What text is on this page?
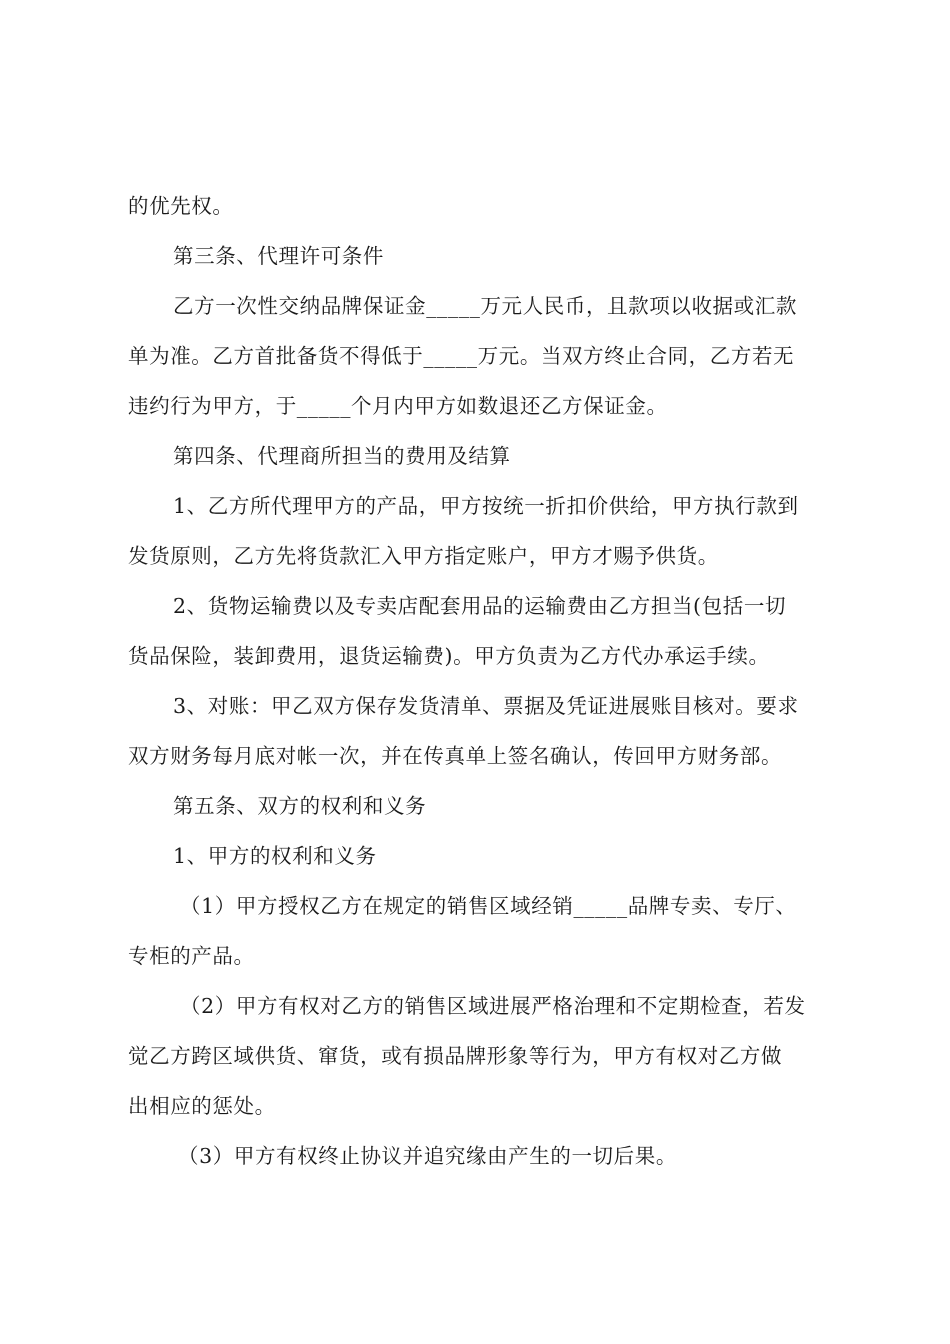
的优先权。
第三条、代理许可条件
乙方一次性交纳品牌保证金_____万元人民币，且款项以收据或汇款
单为准。乙方首批备货不得低于_____万元。当双方终止合同，乙方若无
违约行为甲方，于_____个月内甲方如数退还乙方保证金。
第四条、代理商所担当的费用及结算
1、乙方所代理甲方的产品，甲方按统一折扣价供给，甲方执行款到
发货原则，乙方先将货款汇入甲方指定账户，甲方才赐予供货。
2、货物运输费以及专卖店配套用品的运输费由乙方担当(包括一切
货品保险，装卸费用，退货运输费)。甲方负责为乙方代办承运手续。
3、对账：甲乙双方保存发货清单、票据及凭证进展账目核对。要求
双方财务每月底对帐一次，并在传真单上签名确认，传回甲方财务部。
第五条、双方的权利和义务
1、甲方的权利和义务
（1）甲方授权乙方在规定的销售区域经销_____品牌专卖、专厅、
专柜的产品。
（2）甲方有权对乙方的销售区域进展严格治理和不定期检查，若发
觉乙方跨区域供货、窜货，或有损品牌形象等行为，甲方有权对乙方做
出相应的惩处。
（3）甲方有权终止协议并追究缘由产生的一切后果。
